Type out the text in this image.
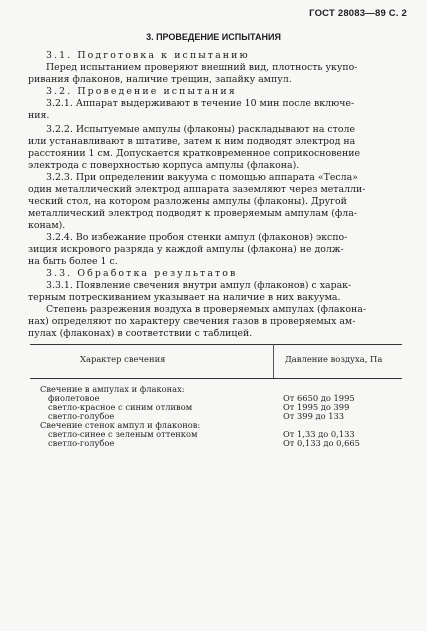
ГОСТ 28083—89 С. 2
3. ПРОВЕДЕНИЕ ИСПЫТАНИЯ
3.1. Подготовка к испытанию
Перед испытанием проверяют внешний вид, плотность укупо-
ривания флаконов, наличие трещин, запайку ампул.
3.2. Проведение испытания
3.2.1. Аппарат выдерживают в течение 10 мин после включе-
ния.
3.2.2. Испытуемые ампулы (флаконы) раскладывают на столе
или устанавливают в штативе, затем к ним подводят электрод на
расстоянии 1 см. Допускается кратковременное соприкосновение
электрода с поверхностью корпуса ампулы (флакона).
3.2.3. При определении вакуума с помощью аппарата «Тесла»
один металлический электрод аппарата заземляют через металли-
ческий стол, на котором разложены ампулы (флаконы). Другой
металлический электрод подводят к проверяемым ампулам (фла-
конам).
3.2.4. Во избежание пробоя стенки ампул (флаконов) экспо-
зиция искрового разряда у каждой ампулы (флакона) не долж-
на быть более 1 с.
3.3. Обработка результатов
3.3.1. Появление свечения внутри ампул (флаконов) с харак-
терным потрескиванием указывает на наличие в них вакуума.
Степень разрежения воздуха в проверяемых ампулах (флакона-
нах) определяют по характеру свечения газов в проверяемых ам-
пулах (флаконах) в соответствии с таблицей.
Характер свечения	Давление воздуха, Па
Свечение в ампулах и флаконах:
фиолетовое	От 6650 до 1995
светло-красное с синим отливом	От 1995 до 399
светло-голубое	От 399 до 133
Свечение стенок ампул и флаконов:
светло-синее с зеленым оттенком	От 1,33 до 0,133
светло-голубое	От 0,133 до 0,665
